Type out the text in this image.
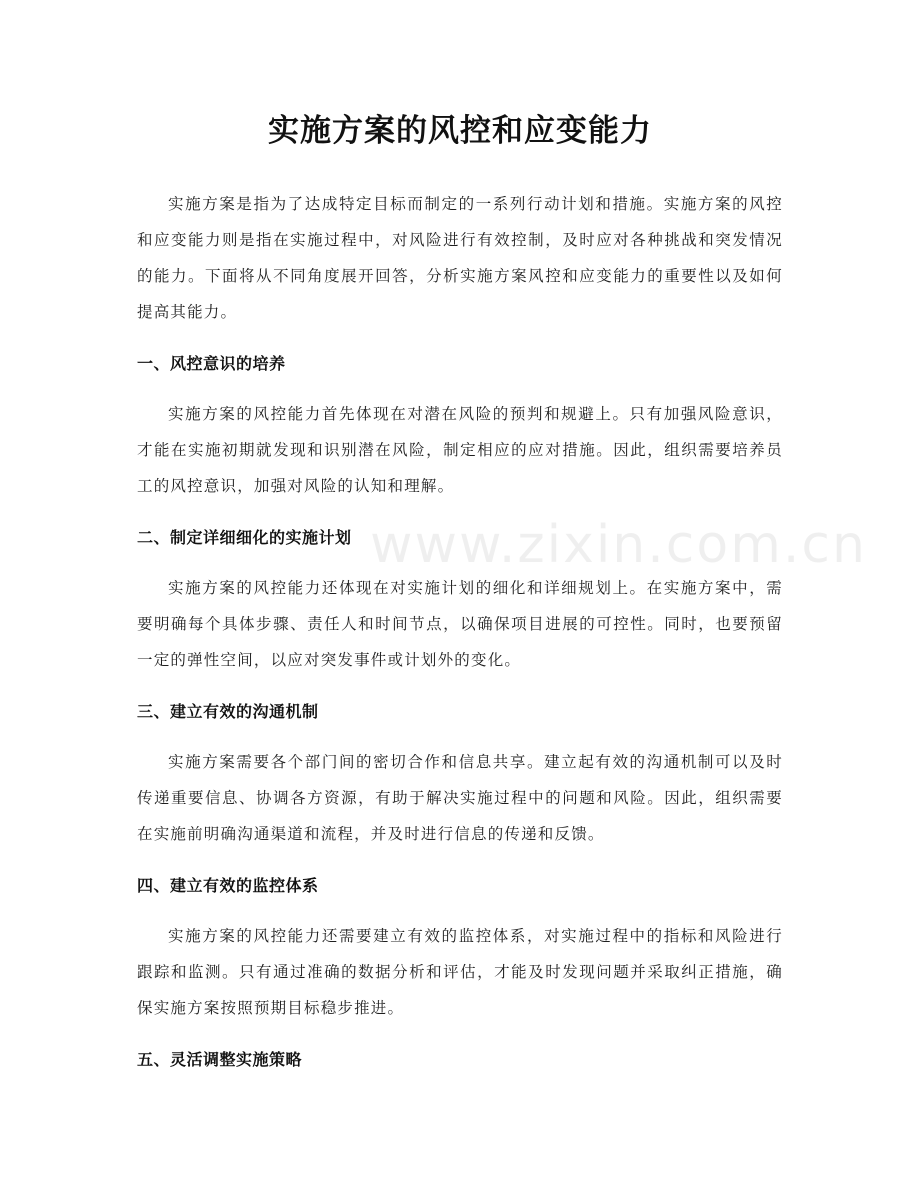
实施方案的风控和应变能力

实施方案是指为了达成特定目标而制定的一系列行动计划和措施。实施方案的风控和应变能力则是指在实施过程中，对风险进行有效控制，及时应对各种挑战和突发情况的能力。下面将从不同角度展开回答，分析实施方案风控和应变能力的重要性以及如何提高其能力。

一、风控意识的培养

实施方案的风控能力首先体现在对潜在风险的预判和规避上。只有加强风险意识，才能在实施初期就发现和识别潜在风险，制定相应的应对措施。因此，组织需要培养员工的风控意识，加强对风险的认知和理解。

二、制定详细细化的实施计划

实施方案的风控能力还体现在对实施计划的细化和详细规划上。在实施方案中，需要明确每个具体步骤、责任人和时间节点，以确保项目进展的可控性。同时，也要预留一定的弹性空间，以应对突发事件或计划外的变化。

三、建立有效的沟通机制

实施方案需要各个部门间的密切合作和信息共享。建立起有效的沟通机制可以及时传递重要信息、协调各方资源，有助于解决实施过程中的问题和风险。因此，组织需要在实施前明确沟通渠道和流程，并及时进行信息的传递和反馈。

四、建立有效的监控体系

实施方案的风控能力还需要建立有效的监控体系，对实施过程中的指标和风险进行跟踪和监测。只有通过准确的数据分析和评估，才能及时发现问题并采取纠正措施，确保实施方案按照预期目标稳步推进。

五、灵活调整实施策略
www.zixin.com.cn
